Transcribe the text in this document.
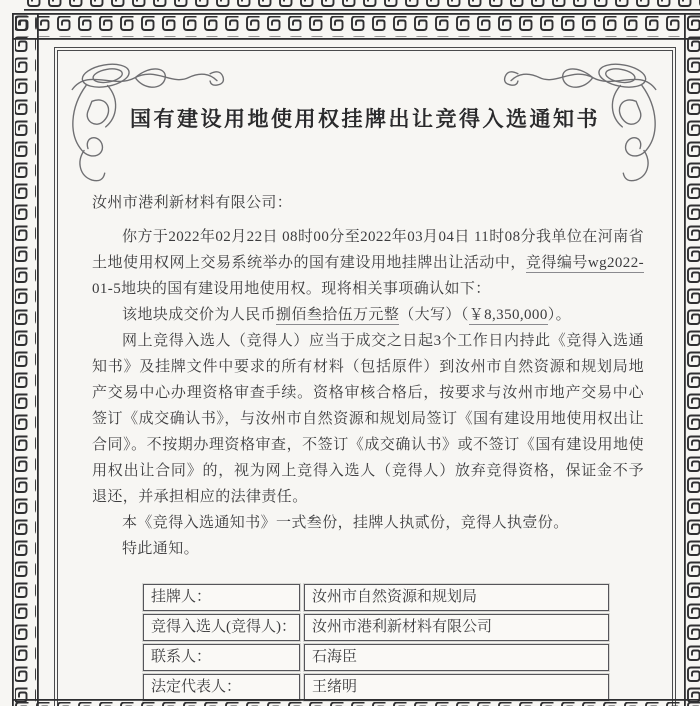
国有建设用地使用权挂牌出让竞得入选通知书

汝州市港利新材料有限公司：

你方于2022年02月22日 08时00分至2022年03月04日 11时08分我单位在河南省土地使用权网上交易系统举办的国有建设用地挂牌出让活动中，竞得编号wg2022-01-5地块的国有建设用地使用权。现将相关事项确认如下：

该地块成交价为人民币捌佰叁拾伍万元整（大写）（￥8,350,000）。

网上竞得入选人（竞得人）应当于成交之日起3个工作日内持此《竞得入选通知书》及挂牌文件中要求的所有材料（包括原件）到汝州市自然资源和规划局地产交易中心办理资格审查手续。资格审核合格后，按要求与汝州市地产交易中心签订《成交确认书》，与汝州市自然资源和规划局签订《国有建设用地使用权出让合同》。不按期办理资格审查，不签订《成交确认书》或不签订《国有建设用地使用权出让合同》的，视为网上竞得入选人（竞得人）放弃竞得资格，保证金不予退还，并承担相应的法律责任。

本《竞得入选通知书》一式叁份，挂牌人执贰份，竞得人执壹份。

特此通知。

挂牌人：	汝州市自然资源和规划局
竞得入选人(竞得人)：	汝州市港利新材料有限公司
联系人：	石海臣
法定代表人：	王绪明
